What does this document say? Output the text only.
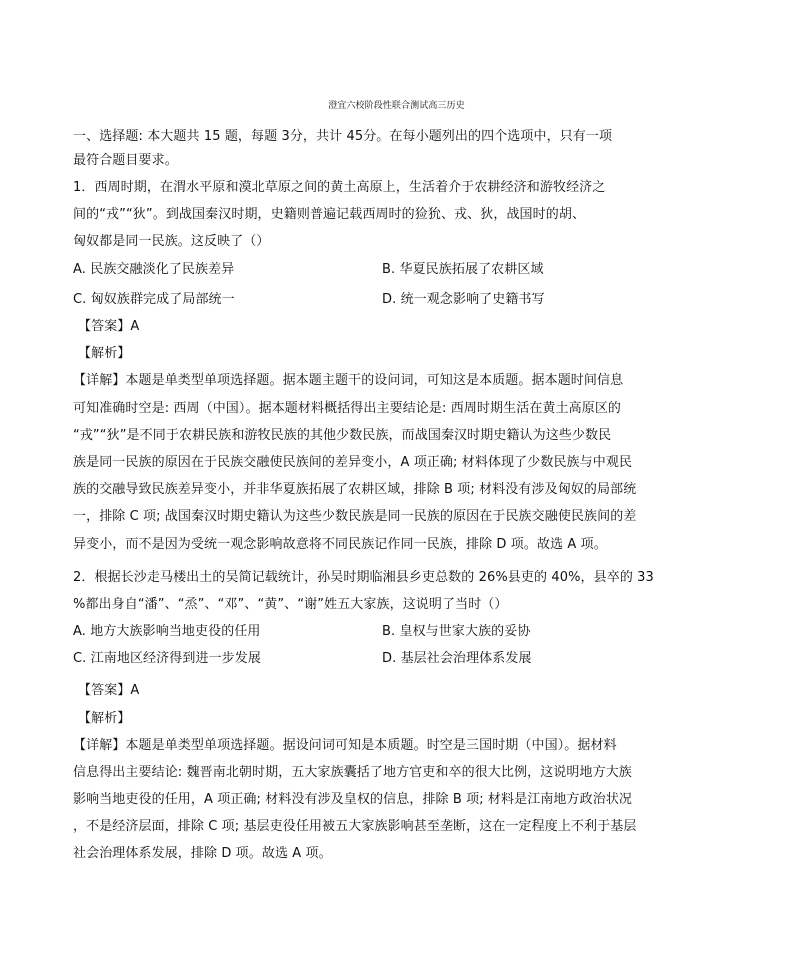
澄宜六校阶段性联合测试高三历史
一、选择题: 本大题共 15 题，每题 3分，共计 45分。在每小题列出的四个选项中，只有一项
最符合题目要求。
1．西周时期，在渭水平原和漠北草原之间的黄土高原上，生活着介于农耕经济和游牧经济之
间的“戎”“狄”。到战国秦汉时期，史籍则普遍记载西周时的猃狁、戎、狄，战国时的胡、
匈奴都是同一民族。这反映了（）
A. 民族交融淡化了民族差异	B. 华夏民族拓展了农耕区域
C. 匈奴族群完成了局部统一	D. 统一观念影响了史籍书写
【答案】A
【解析】
【详解】本题是单类型单项选择题。据本题主题干的设问词，可知这是本质题。据本题时间信息
可知准确时空是: 西周（中国）。据本题材料概括得出主要结论是: 西周时期生活在黄土高原区的
“戎”“狄”是不同于农耕民族和游牧民族的其他少数民族，而战国秦汉时期史籍认为这些少数民
族是同一民族的原因在于民族交融使民族间的差异变小，A 项正确; 材料体现了少数民族与中观民
族的交融导致民族差异变小，并非华夏族拓展了农耕区域，排除 B 项; 材料没有涉及匈奴的局部统
一，排除 C 项; 战国秦汉时期史籍认为这些少数民族是同一民族的原因在于民族交融使民族间的差
异变小，而不是因为受统一观念影响故意将不同民族记作同一民族，排除 D 项。故选 A 项。
2．根据长沙走马楼出土的吴简记载统计，孙吴时期临湘县乡吏总数的 26%县吏的 40%，县卒的 33
%都出身自“潘”、“烝”、“邓”、“黄”、“谢”姓五大家族，这说明了当时（）
A. 地方大族影响当地吏役的任用	B. 皇权与世家大族的妥协
C. 江南地区经济得到进一步发展	D. 基层社会治理体系发展
【答案】A
【解析】
【详解】本题是单类型单项选择题。据设问词可知是本质题。时空是三国时期（中国）。据材料
信息得出主要结论: 魏晋南北朝时期，五大家族囊括了地方官吏和卒的很大比例，这说明地方大族
影响当地吏役的任用，A 项正确; 材料没有涉及皇权的信息，排除 B 项; 材料是江南地方政治状况
，不是经济层面，排除 C 项; 基层吏役任用被五大家族影响甚至垄断，这在一定程度上不利于基层
社会治理体系发展，排除 D 项。故选 A 项。
